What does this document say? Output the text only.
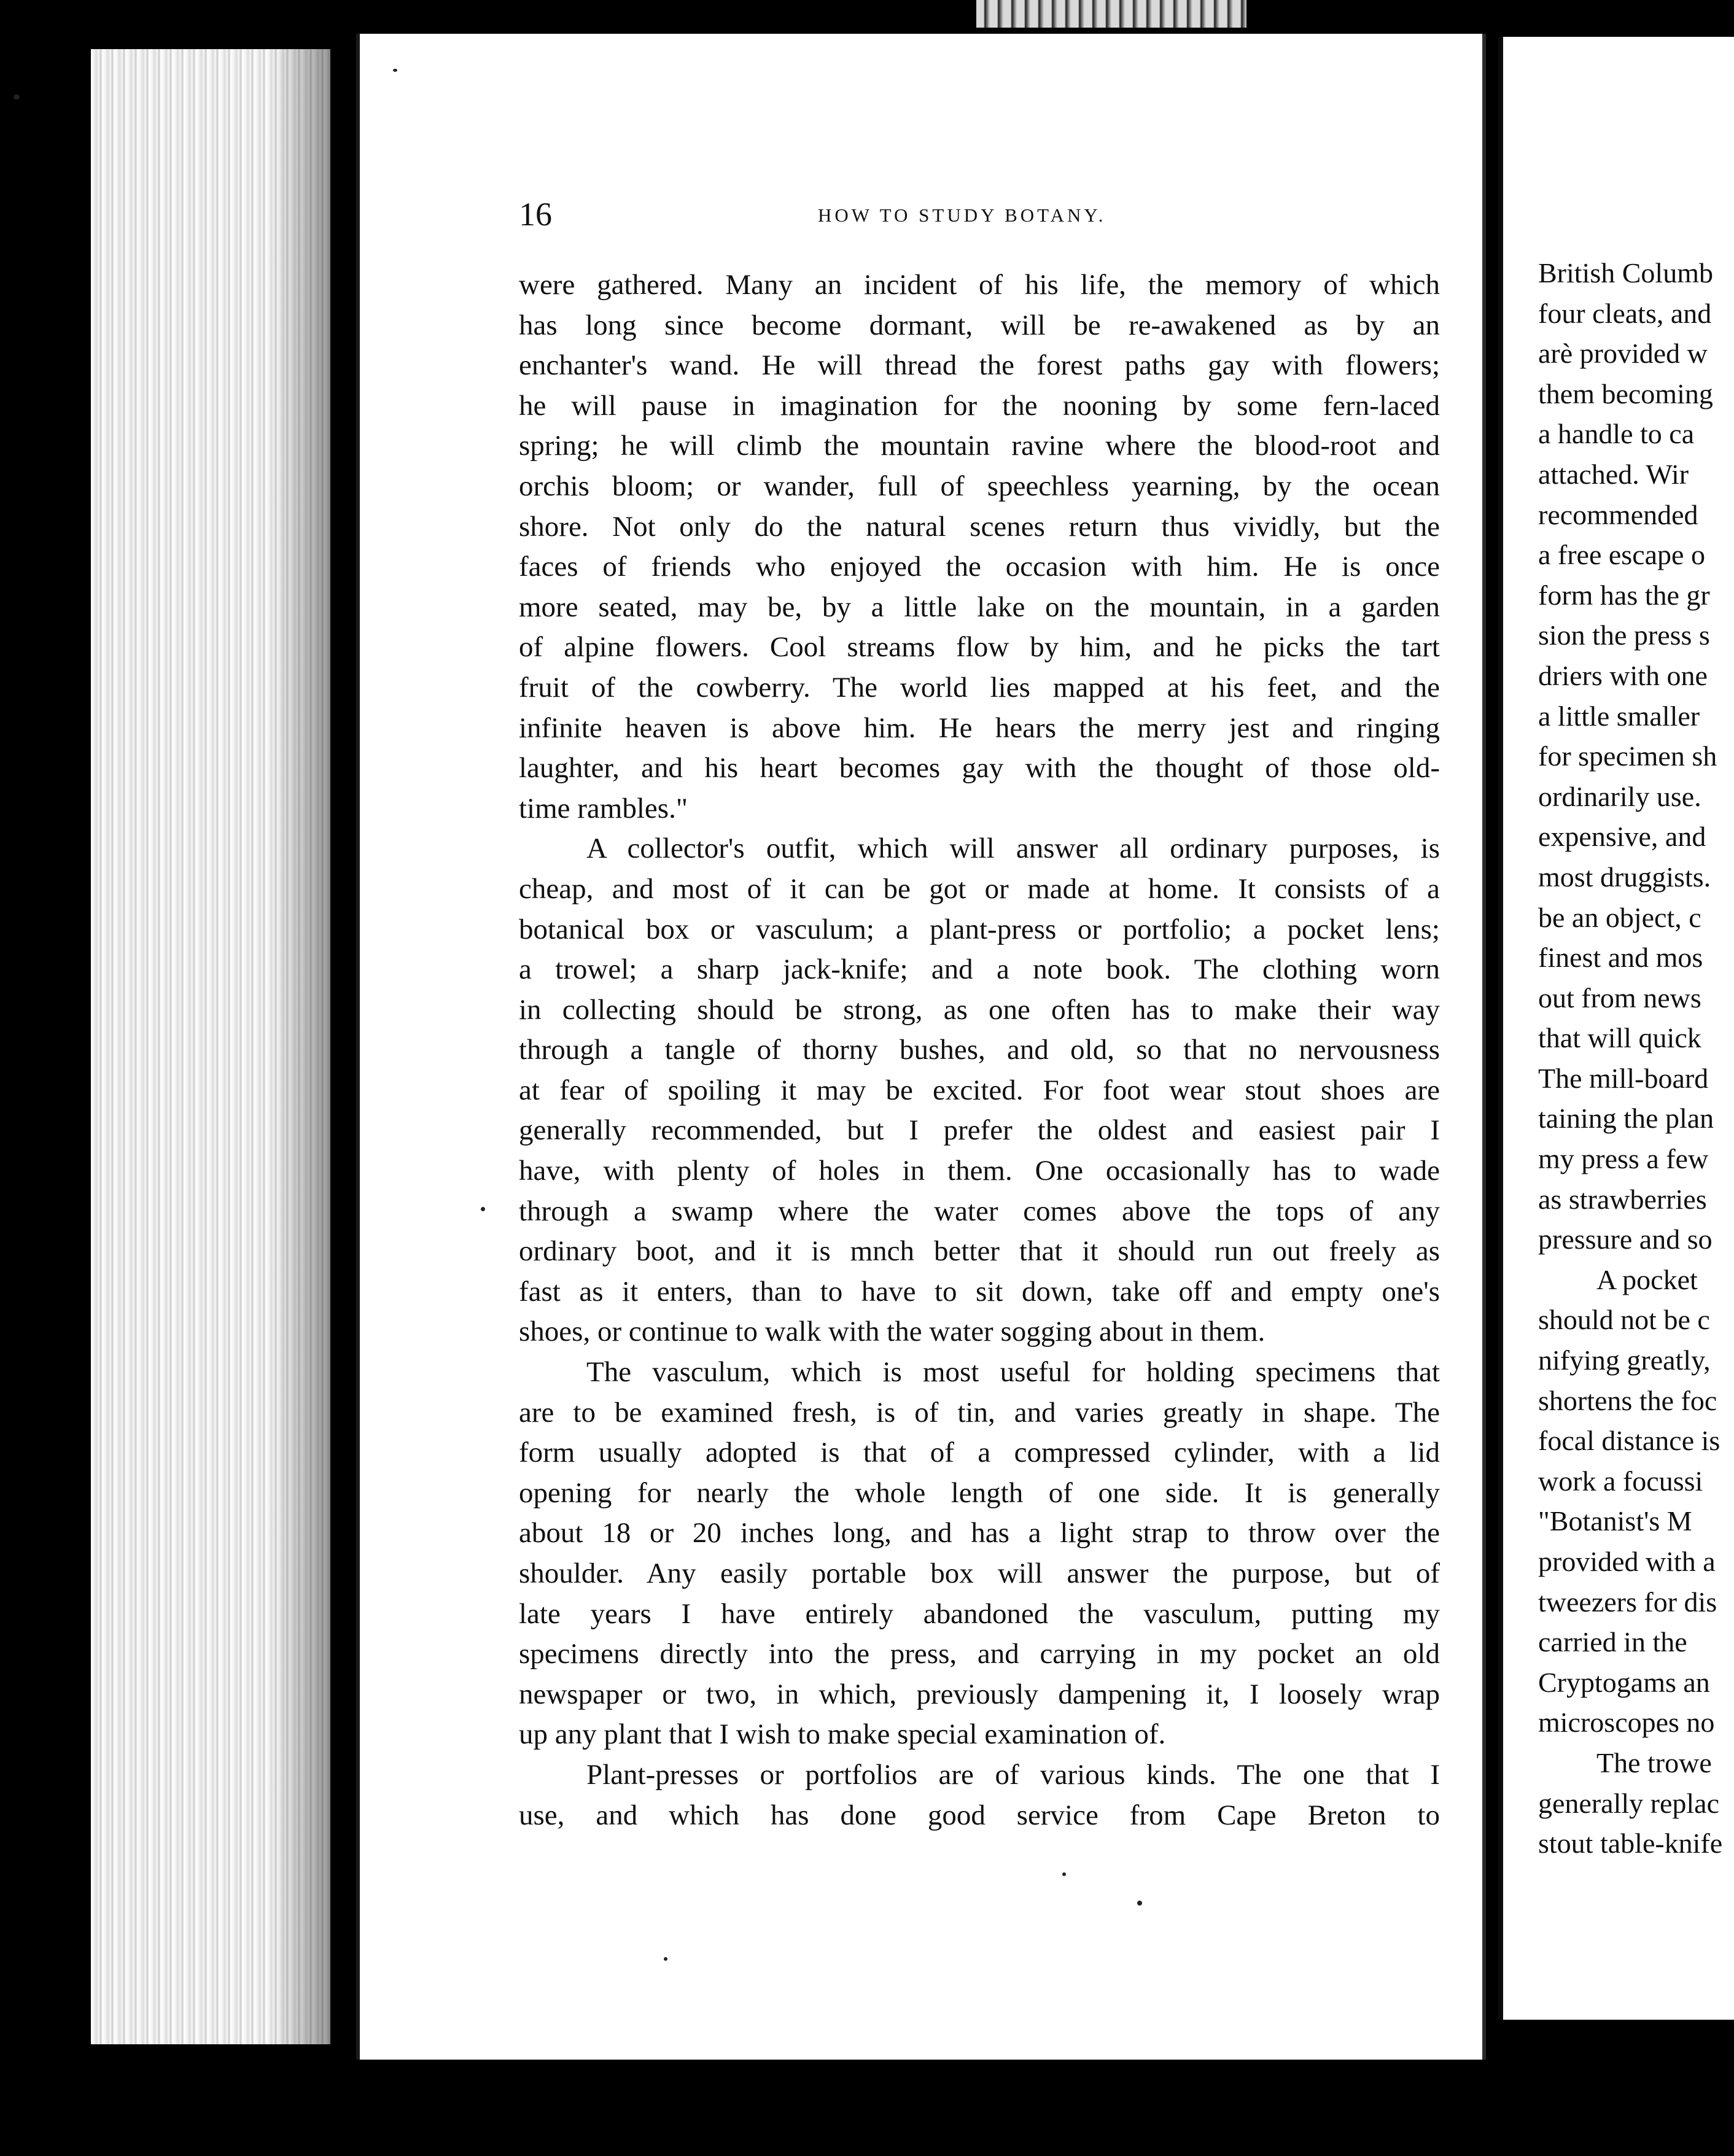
16	HOW TO STUDY BOTANY.

were gathered. Many an incident of his life, the memory of which
has long since become dormant, will be re-awakened as by an
enchanter's wand. He will thread the forest paths gay with flowers;
he will pause in imagination for the nooning by some fern-laced
spring; he will climb the mountain ravine where the blood-root and
orchis bloom; or wander, full of speechless yearning, by the ocean
shore. Not only do the natural scenes return thus vividly, but the
faces of friends who enjoyed the occasion with him. He is once
more seated, may be, by a little lake on the mountain, in a garden
of alpine flowers. Cool streams flow by him, and he picks the tart
fruit of the cowberry. The world lies mapped at his feet, and the
infinite heaven is above him. He hears the merry jest and ringing
laughter, and his heart becomes gay with the thought of those old-
time rambles."
A collector's outfit, which will answer all ordinary purposes, is
cheap, and most of it can be got or made at home. It consists of a
botanical box or vasculum; a plant-press or portfolio; a pocket lens;
a trowel; a sharp jack-knife; and a note book. The clothing worn
in collecting should be strong, as one often has to make their way
through a tangle of thorny bushes, and old, so that no nervousness
at fear of spoiling it may be excited. For foot wear stout shoes are
generally recommended, but I prefer the oldest and easiest pair I
have, with plenty of holes in them. One occasionally has to wade
through a swamp where the water comes above the tops of any
ordinary boot, and it is mnch better that it should run out freely as
fast as it enters, than to have to sit down, take off and empty one's
shoes, or continue to walk with the water sogging about in them.
The vasculum, which is most useful for holding specimens that
are to be examined fresh, is of tin, and varies greatly in shape. The
form usually adopted is that of a compressed cylinder, with a lid
opening for nearly the whole length of one side. It is generally
about 18 or 20 inches long, and has a light strap to throw over the
shoulder. Any easily portable box will answer the purpose, but of
late years I have entirely abandoned the vasculum, putting my
specimens directly into the press, and carrying in my pocket an old
newspaper or two, in which, previously dampening it, I loosely wrap
up any plant that I wish to make special examination of.
Plant-presses or portfolios are of various kinds. The one that I
use, and which has done good service from Cape Breton to
British Columb
four cleats, and
arè provided w
them becoming
a handle to ca
attached. Wir
recommended
a free escape o
form has the gr
sion the press s
driers with one
a little smaller
for specimen sh
ordinarily use.
expensive, and
most druggists.
be an object, c
finest and mos
out from news
that will quick
The mill-board
taining the plan
my press a few
as strawberries
pressure and so
A pocket
should not be c
nifying greatly,
shortens the foc
focal distance is
work a focussi
"Botanist's M
provided with a
tweezers for dis
carried in the
Cryptogams an
microscopes no
The trowe
generally replac
stout table-knife
